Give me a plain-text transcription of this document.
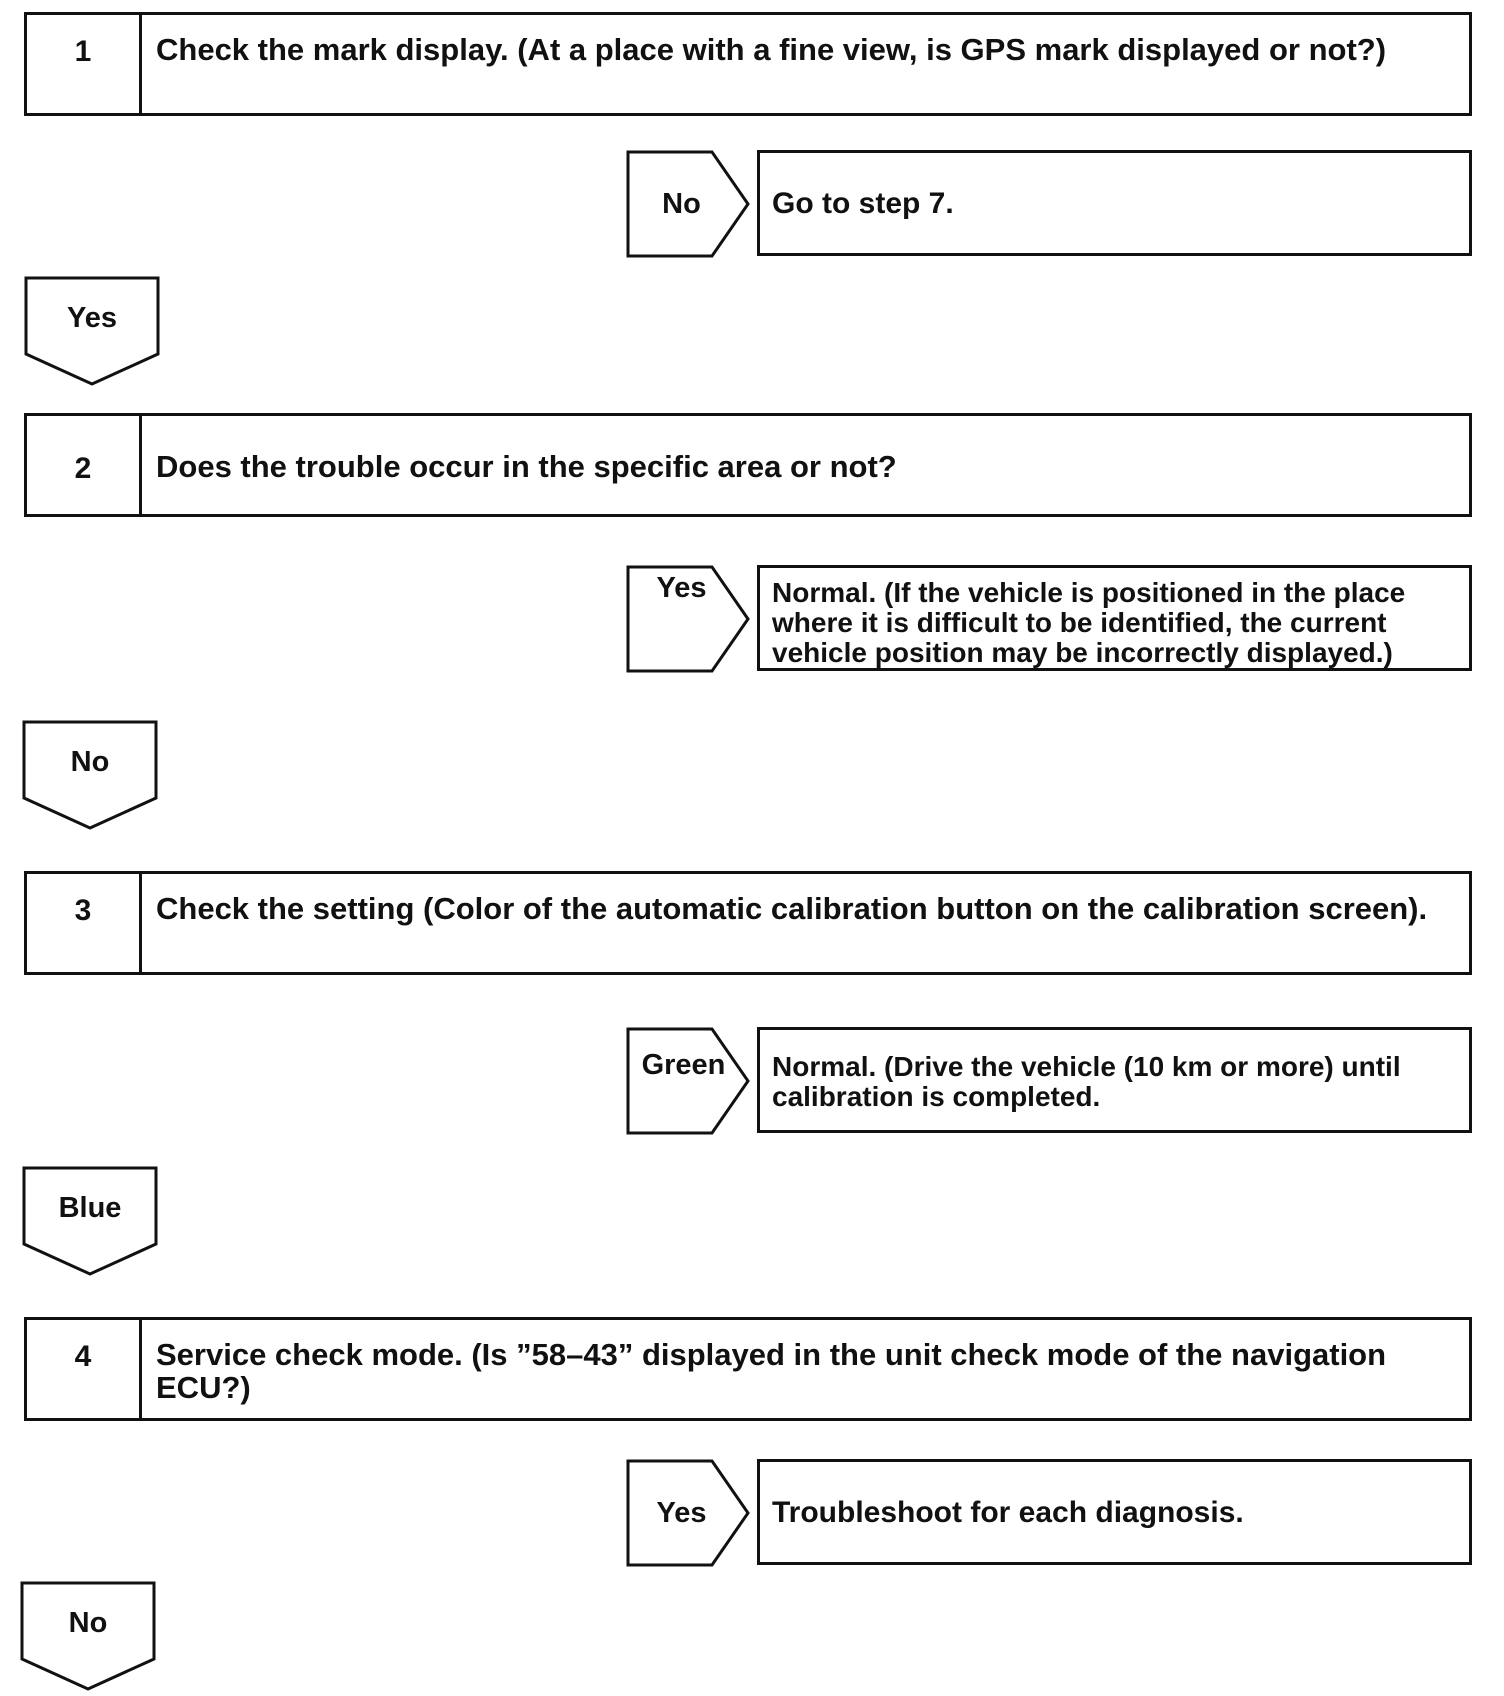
1	Check the mark display. (At a place with a fine view, is GPS mark displayed or not?)
No	Go to step 7.
Yes
2	Does the trouble occur in the specific area or not?
Yes	Normal. (If the vehicle is positioned in the place where it is difficult to be identified, the current vehicle position may be incorrectly displayed.)
No
3	Check the setting (Color of the automatic calibration button on the calibration screen).
Green	Normal. (Drive the vehicle (10 km or more) until calibration is completed.
Blue
4	Service check mode. (Is ”58–43” displayed in the unit check mode of the navigation ECU?)
Yes	Troubleshoot for each diagnosis.
No
